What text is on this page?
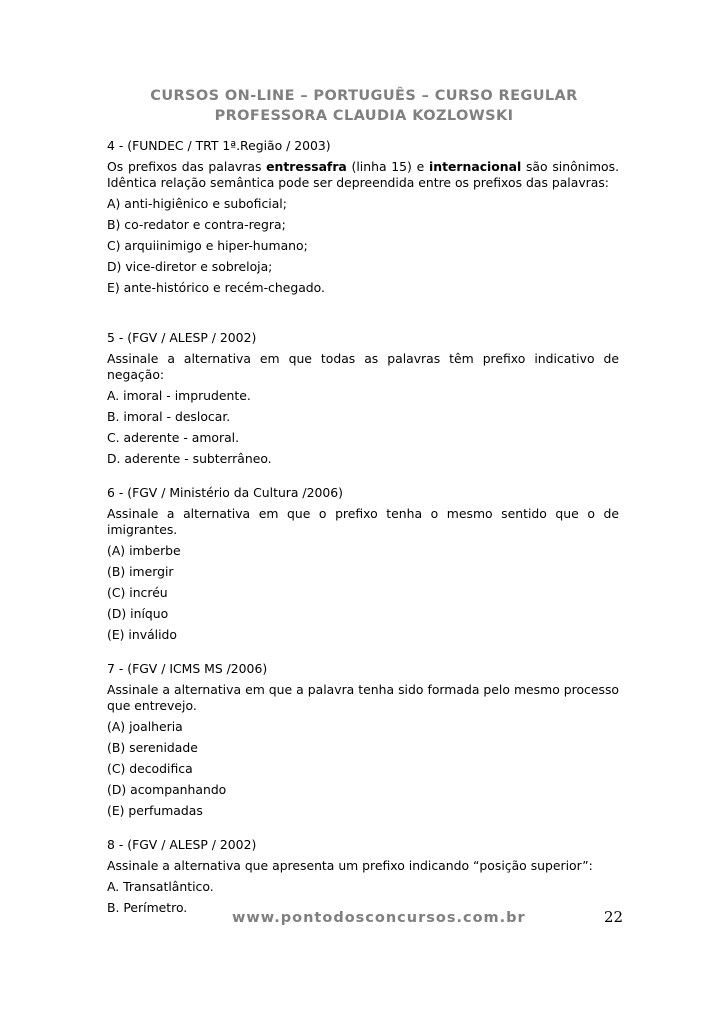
CURSOS ON-LINE – PORTUGUÊS – CURSO REGULAR
PROFESSORA CLAUDIA KOZLOWSKI
4 - (FUNDEC / TRT 1ª.Região / 2003)
Os prefixos das palavras entressafra (linha 15) e internacional são sinônimos. Idêntica relação semântica pode ser depreendida entre os prefixos das palavras:
A) anti-higiênico e suboficial;
B) co-redator e contra-regra;
C) arquiinimigo e hiper-humano;
D) vice-diretor e sobreloja;
E) ante-histórico e recém-chegado.
5 - (FGV / ALESP / 2002)
Assinale a alternativa em que todas as palavras têm prefixo indicativo de negação:
A. imoral - imprudente.
B. imoral - deslocar.
C. aderente - amoral.
D. aderente - subterrâneo.
6 - (FGV / Ministério da Cultura /2006)
Assinale a alternativa em que o prefixo tenha o mesmo sentido que o de imigrantes.
(A) imberbe
(B) imergir
(C) incréu
(D) iníquo
(E) inválido
7 - (FGV / ICMS MS /2006)
Assinale a alternativa em que a palavra tenha sido formada pelo mesmo processo que entrevejo.
(A) joalheria
(B) serenidade
(C) decodifica
(D) acompanhando
(E) perfumadas
8 - (FGV / ALESP / 2002)
Assinale a alternativa que apresenta um prefixo indicando “posição superior”:
A. Transatlântico.
B. Perímetro.
www.pontodosconcursos.com.br	22
